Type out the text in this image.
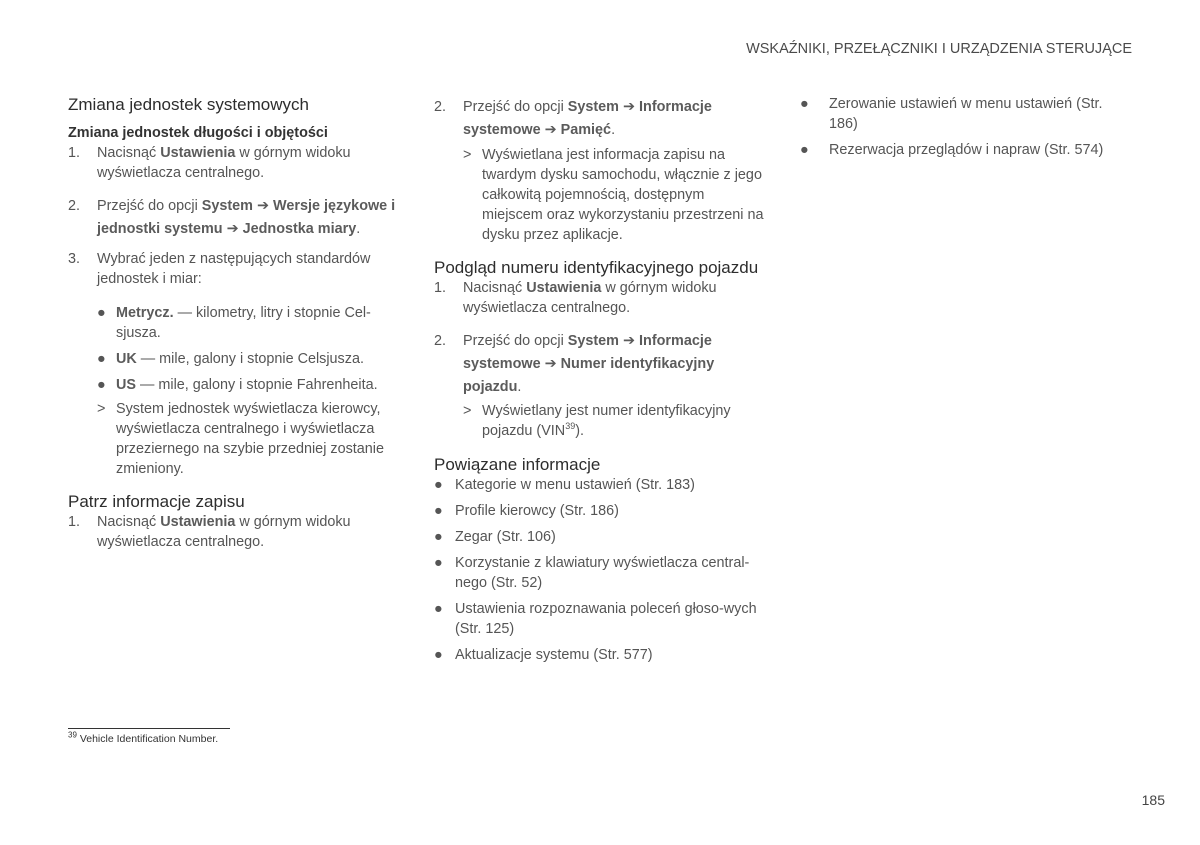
WSKAŹNIKI, PRZEŁĄCZNIKI I URZĄDZENIA STERUJĄCE
Zmiana jednostek systemowych
Zmiana jednostek długości i objętości
1. Nacisnąć Ustawienia w górnym widoku wyświetlacza centralnego.
2. Przejść do opcji System ➔ Wersje językowe i jednostki systemu ➔ Jednostka miary.
3. Wybrać jeden z następujących standardów jednostek i miar:
● Metrycz. — kilometry, litry i stopnie Cel-sjusza.
● UK — mile, galony i stopnie Celsjusza.
● US — mile, galony i stopnie Fahrenheita.
> System jednostek wyświetlacza kierowcy, wyświetlacza centralnego i wyświetlacza przeziernego na szybie przedniej zostanie zmieniony.
Patrz informacje zapisu
1. Nacisnąć Ustawienia w górnym widoku wyświetlacza centralnego.
2. Przejść do opcji System ➔ Informacje systemowe ➔ Pamięć.
> Wyświetlana jest informacja zapisu na twardym dysku samochodu, włącznie z jego całkowitą pojemnością, dostępnym miejscem oraz wykorzystaniu przestrzeni na dysku przez aplikacje.
Podgląd numeru identyfikacyjnego pojazdu
1. Nacisnąć Ustawienia w górnym widoku wyświetlacza centralnego.
2. Przejść do opcji System ➔ Informacje systemowe ➔ Numer identyfikacyjny pojazdu.
> Wyświetlany jest numer identyfikacyjny pojazdu (VIN$^{39}$).
Powiązane informacje
● Kategorie w menu ustawień (Str. 183)
● Profile kierowcy (Str. 186)
● Zegar (Str. 106)
● Korzystanie z klawiatury wyświetlacza central-nego (Str. 52)
● Ustawienia rozpoznawania poleceń głoso-wych (Str. 125)
● Aktualizacje systemu (Str. 577)
● Zerowanie ustawień w menu ustawień (Str. 186)
● Rezerwacja przeglądów i napraw (Str. 574)
$^{39}$ Vehicle Identification Number.
185
